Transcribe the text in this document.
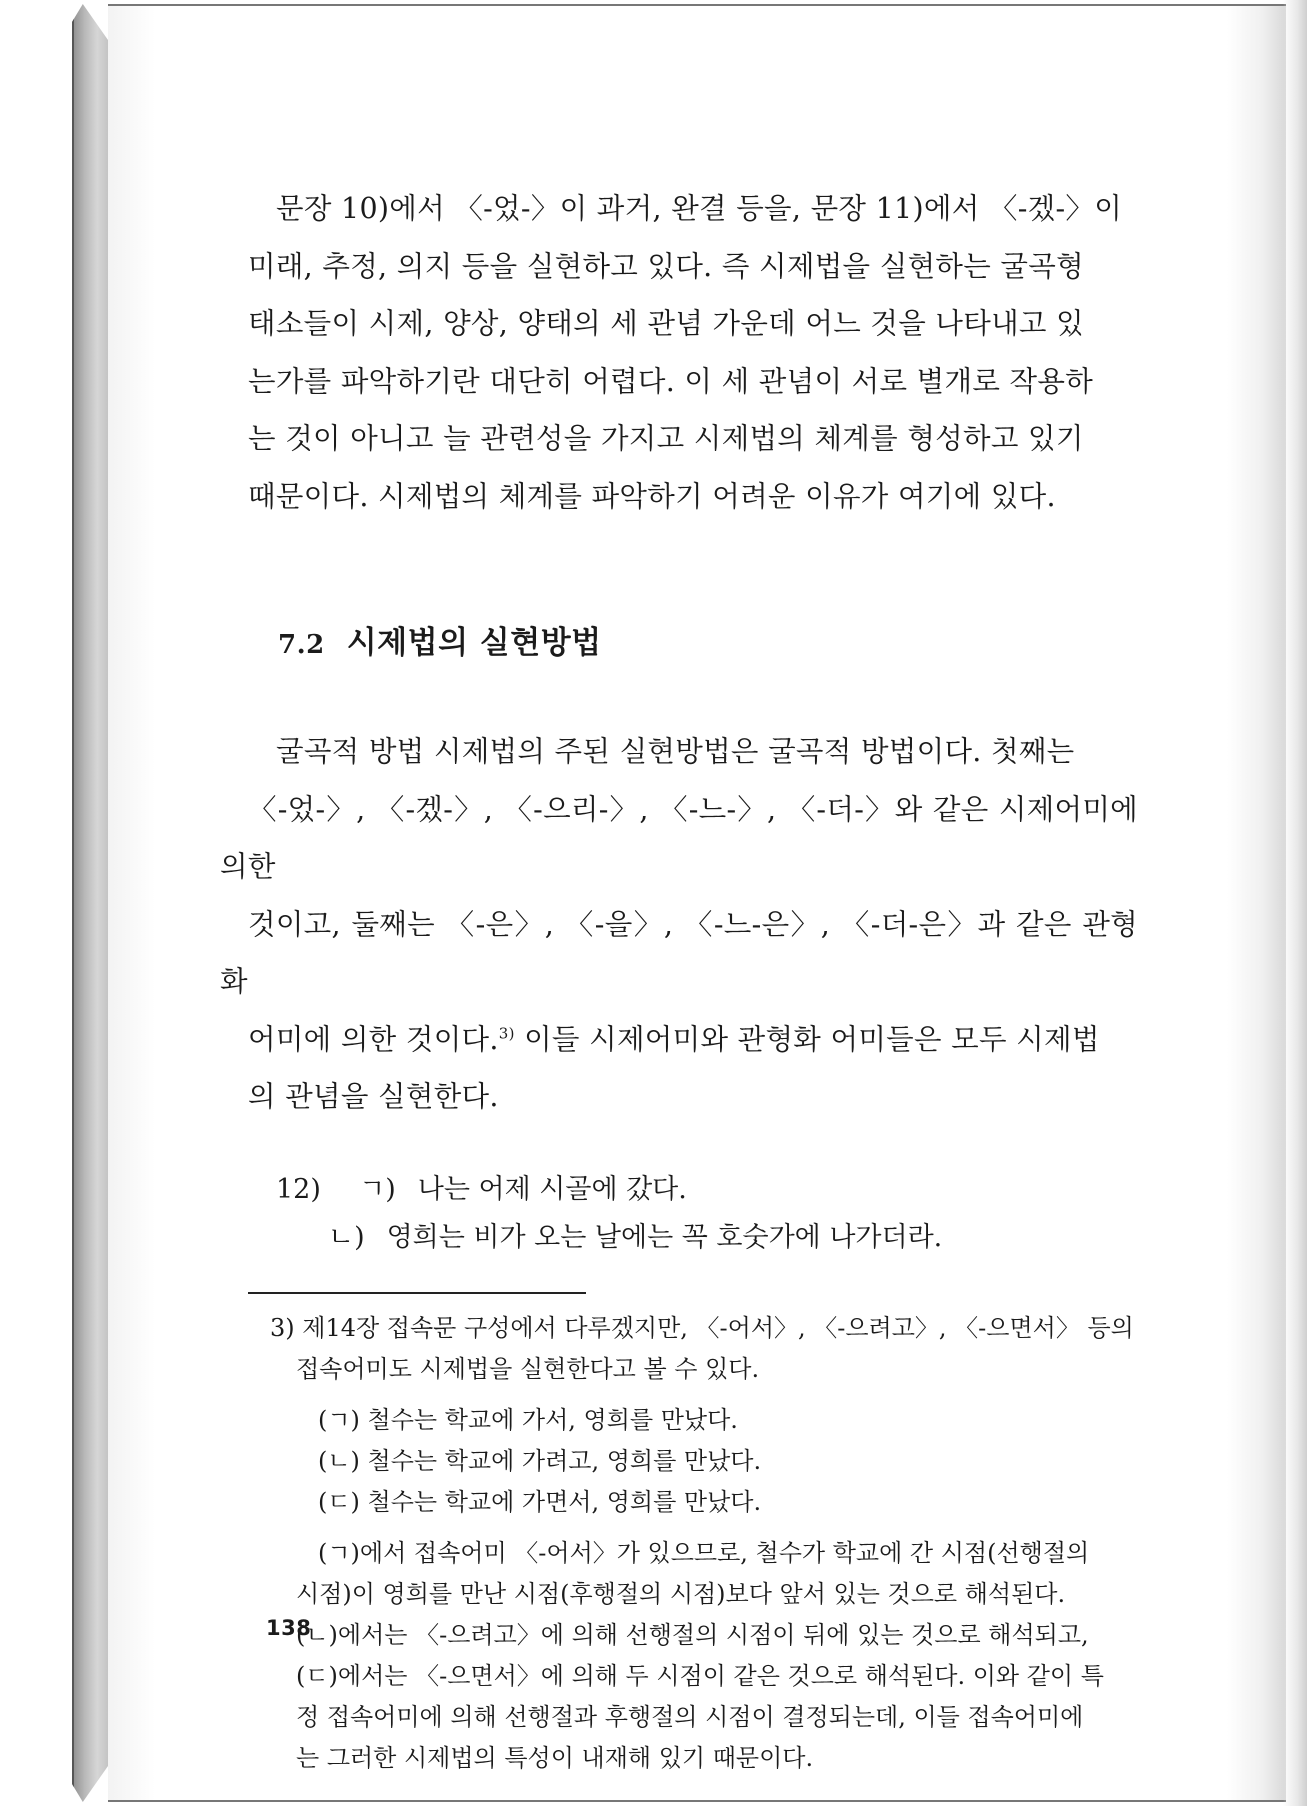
문장 10)에서 〈-었-〉이 과거, 완결 등을, 문장 11)에서 〈-겠-〉이
미래, 추정, 의지 등을 실현하고 있다. 즉 시제법을 실현하는 굴곡형
태소들이 시제, 양상, 양태의 세 관념 가운데 어느 것을 나타내고 있
는가를 파악하기란 대단히 어렵다. 이 세 관념이 서로 별개로 작용하
는 것이 아니고 늘 관련성을 가지고 시제법의 체계를 형성하고 있기
때문이다. 시제법의 체계를 파악하기 어려운 이유가 여기에 있다.
7.2 시제법의 실현방법
굴곡적 방법 시제법의 주된 실현방법은 굴곡적 방법이다. 첫째는
〈-었-〉, 〈-겠-〉, 〈-으리-〉, 〈-느-〉, 〈-더-〉와 같은 시제어미에 의한
것이고, 둘째는 〈-은〉, 〈-을〉, 〈-느-은〉, 〈-더-은〉과 같은 관형화
어미에 의한 것이다.$^{3)}$ 이들 시제어미와 관형화 어미들은 모두 시제법
의 관념을 실현한다.
12) ㄱ) 나는 어제 시골에 갔다.
ㄴ) 영희는 비가 오는 날에는 꼭 호숫가에 나가더라.
3) 제14장 접속문 구성에서 다루겠지만, 〈-어서〉, 〈-으려고〉, 〈-으면서〉 등의
접속어미도 시제법을 실현한다고 볼 수 있다.
(ㄱ) 철수는 학교에 가서, 영희를 만났다.
(ㄴ) 철수는 학교에 가려고, 영희를 만났다.
(ㄷ) 철수는 학교에 가면서, 영희를 만났다.
(ㄱ)에서 접속어미 〈-어서〉가 있으므로, 철수가 학교에 간 시점(선행절의
시점)이 영희를 만난 시점(후행절의 시점)보다 앞서 있는 것으로 해석된다.
(ㄴ)에서는 〈-으려고〉에 의해 선행절의 시점이 뒤에 있는 것으로 해석되고,
(ㄷ)에서는 〈-으면서〉에 의해 두 시점이 같은 것으로 해석된다. 이와 같이 특
정 접속어미에 의해 선행절과 후행절의 시점이 결정되는데, 이들 접속어미에
는 그러한 시제법의 특성이 내재해 있기 때문이다.
138
